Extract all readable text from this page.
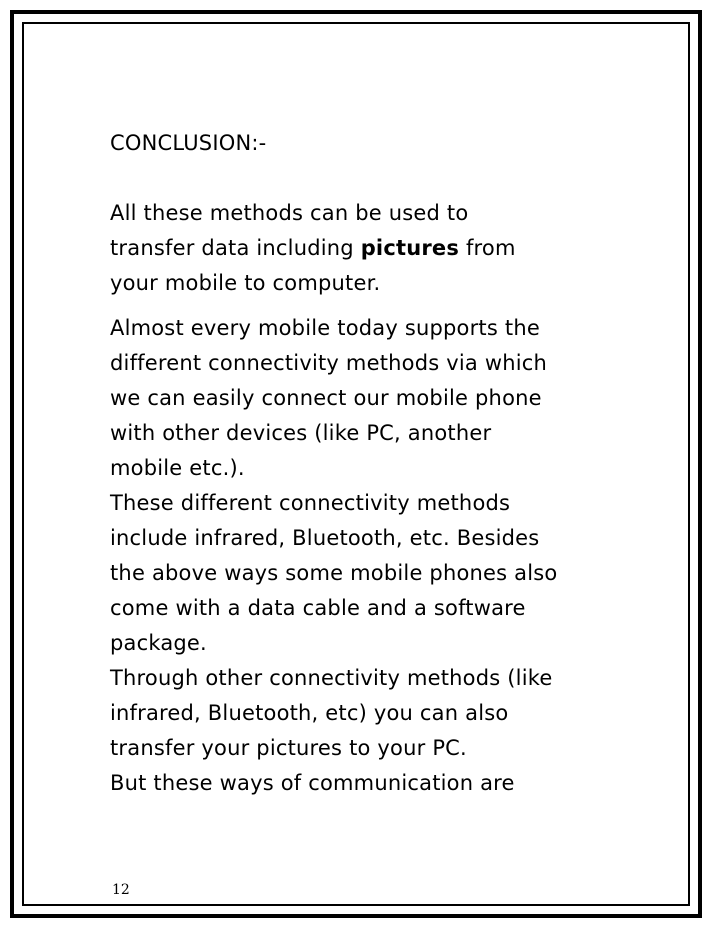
CONCLUSION:-

All these methods can be used to
transfer data including pictures from
your mobile to computer.

Almost every mobile today supports the
different connectivity methods via which
we can easily connect our mobile phone
with other devices (like PC, another
mobile etc.).
These different connectivity methods
include infrared, Bluetooth, etc. Besides
the above ways some mobile phones also
come with a data cable and a software
package.
Through other connectivity methods (like
infrared, Bluetooth, etc) you can also
transfer your pictures to your PC.
But these ways of communication are

12
